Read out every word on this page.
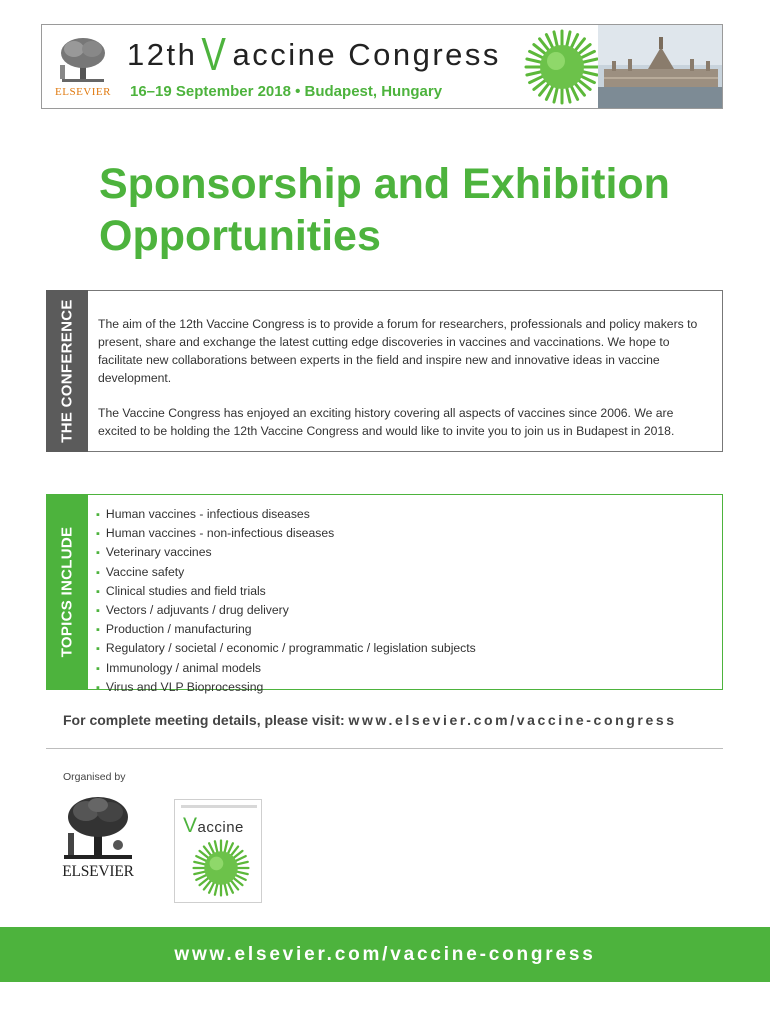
ELSEVIER
12th V accine Congress
16–19 September 2018 • Budapest, Hungary
Sponsorship and Exhibition Opportunities
THE CONFERENCE The aim of the 12th Vaccine Congress is to provide a forum for researchers, professionals and policy makers to present, share and exchange the latest cutting edge discoveries in vaccines and vaccinations. We hope to facilitate new collaborations between experts in the field and inspire new and innovative ideas in vaccine development.

The Vaccine Congress has enjoyed an exciting history covering all aspects of vaccines since 2006. We are excited to be holding the 12th Vaccine Congress and would like to invite you to join us in Budapest in 2018.

TOPICS INCLUDE
▪ Human vaccines - infectious diseases
▪ Human vaccines - non-infectious diseases
▪ Veterinary vaccines
▪ Vaccine safety
▪ Clinical studies and field trials
▪ Vectors / adjuvants / drug delivery
▪ Production / manufacturing
▪ Regulatory / societal / economic / programmatic / legislation subjects
▪ Immunology / animal models
▪ Virus and VLP Bioprocessing
For complete meeting details, please visit: www.elsevier.com/vaccine-congress
Organised by
ELSEVIER
Vaccine
www.elsevier.com/vaccine-congress
